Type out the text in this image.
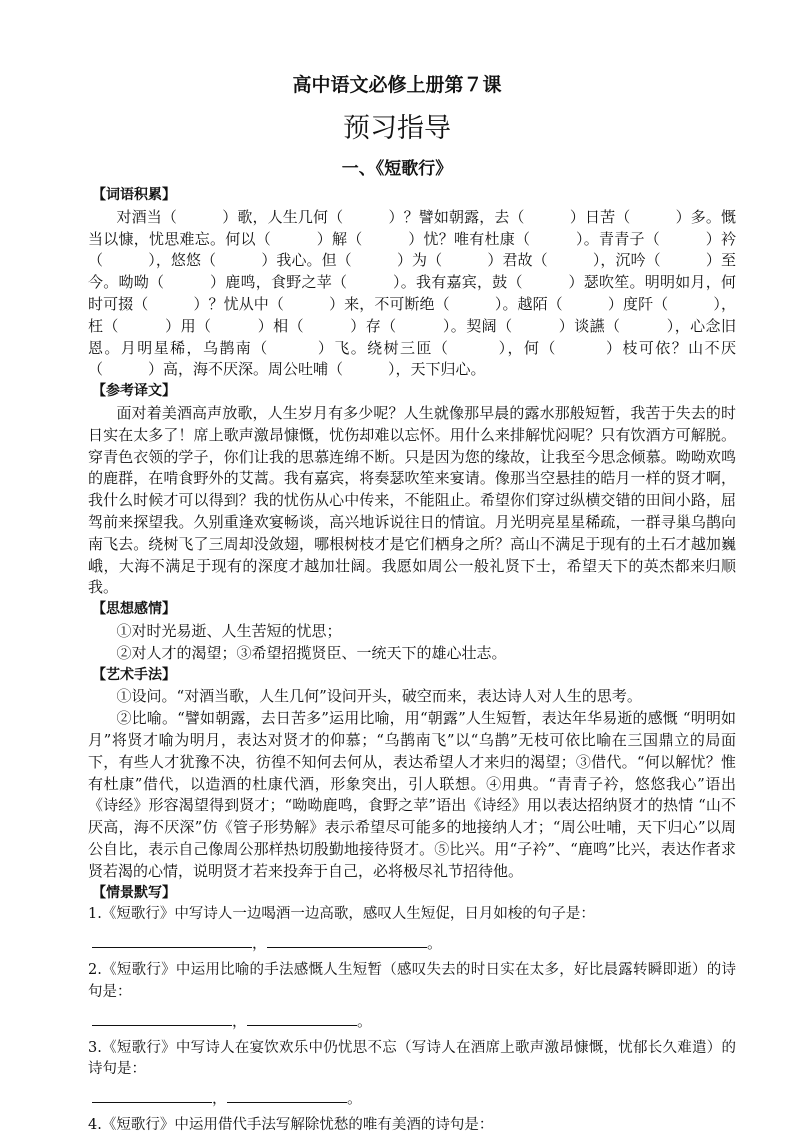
高中语文必修上册第７课
预习指导
一、《短歌行》
【词语积累】

对酒当（　　　）歌，人生几何（　　　）？譬如朝露，去（　　　）日苦（　　　）多。慨当以慷，忧思难忘。何以（　　　）解（　　　）忧？唯有杜康（　　　）。青青子（　　　）衿（　　　），悠悠（　　　）我心。但（　　　）为（　　　）君故（　　　），沉吟（　　　）至今。呦呦（　　　）鹿鸣，食野之苹（　　　）。我有嘉宾，鼓（　　　）瑟吹笙。明明如月，何时可掇（　　　）？忧从中（　　　）来，不可断绝（　　　）。越陌（　　　）度阡（　　　），枉（　　　）用（　　　）相（　　　）存（　　　）。契阔（　　　）谈讌（　　　），心念旧恩。月明星稀，乌鹊南（　　　）飞。绕树三匝（　　　），何（　　　）枝可依？山不厌（　　　）高，海不厌深。周公吐哺（　　　），天下归心。

【参考译文】

面对着美酒高声放歌，人生岁月有多少呢？人生就像那早晨的露水那般短暂，我苦于失去的时日实在太多了！席上歌声激昂慷慨，忧伤却难以忘怀。用什么来排解忧闷呢？只有饮酒方可解脱。穿青色衣领的学子，你们让我的思慕连绵不断。只是因为您的缘故，让我至今思念倾慕。呦呦欢鸣的鹿群，在啃食野外的艾蒿。我有嘉宾，将奏瑟吹笙来宴请。像那当空悬挂的皓月一样的贤才啊，我什么时候才可以得到？我的忧伤从心中传来，不能阻止。希望你们穿过纵横交错的田间小路，屈驾前来探望我。久别重逢欢宴畅谈，高兴地诉说往日的情谊。月光明亮星星稀疏，一群寻巢乌鹊向南飞去。绕树飞了三周却没敛翅，哪根树枝才是它们栖身之所？高山不满足于现有的土石才越加巍峨，大海不满足于现有的深度才越加壮阔。我愿如周公一般礼贤下士，希望天下的英杰都来归顺我。

【思想感情】

①对时光易逝、人生苦短的忧思；

②对人才的渴望；③希望招揽贤臣、一统天下的雄心壮志。

【艺术手法】

①设问。“对酒当歌，人生几何”设问开头，破空而来，表达诗人对人生的思考。

②比喻。“譬如朝露，去日苦多”运用比喻，用“朝露”人生短暂，表达年华易逝的感慨 “明明如月”将贤才喻为明月，表达对贤才的仰慕；“乌鹊南飞”以“乌鹊”无枝可依比喻在三国鼎立的局面下，有些人才犹豫不决，彷徨不知何去何从，表达希望人才来归的渴望；③借代。“何以解忧？惟有杜康”借代，以造酒的杜康代酒，形象突出，引人联想。④用典。“青青子衿，悠悠我心”语出《诗经》形容渴望得到贤才；“呦呦鹿鸣，食野之苹”语出《诗经》用以表达招纳贤才的热情 “山不厌高，海不厌深”仿《管子形势解》表示希望尽可能多的地接纳人才；“周公吐哺，天下归心”以周公自比，表示自己像周公那样热切殷勤地接待贤才。⑤比兴。用“子衿”、“鹿鸣”比兴，表达作者求贤若渴的心情，说明贤才若来投奔于自己，必将极尽礼节招待他。

【情景默写】

1.《短歌行》中写诗人一边喝酒一边高歌，感叹人生短促，日月如梭的句子是：

，	。

2.《短歌行》中运用比喻的手法感慨人生短暂（感叹失去的时日实在太多，好比晨露转瞬即逝）的诗句是：

，	。

3.《短歌行》中写诗人在宴饮欢乐中仍忧思不忘（写诗人在酒席上歌声激昂慷慨，忧郁长久难遣）的诗句是：

，	。

4.《短歌行》中运用借代手法写解除忧愁的唯有美酒的诗句是：
